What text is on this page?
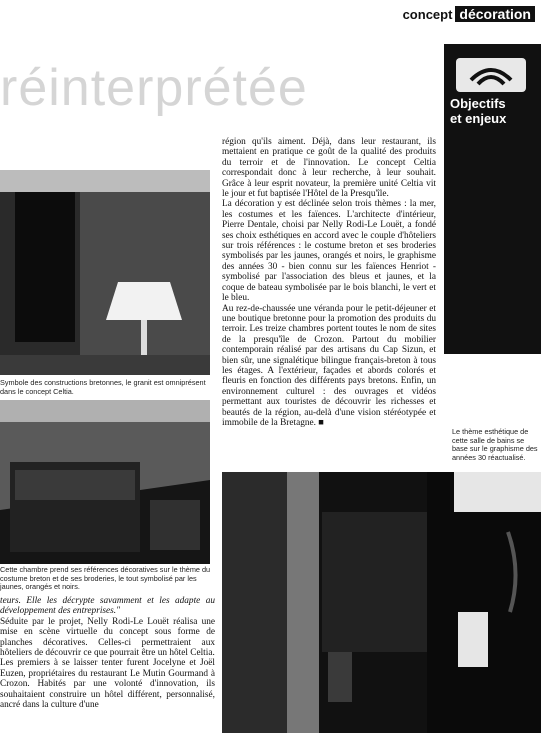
concept décoration
réinterprétée	Objectifs
et enjeux
Symbole des constructions bretonnes, le granit est omniprésent dans le concept Celtia.
Cette chambre prend ses références décoratives sur le thème du costume breton et de ses broderies, le tout symbolisé par les jaunes, orangés et noirs.

région qu'ils aiment. Déjà, dans leur restaurant, ils mettaient en pratique ce goût de la qualité des produits du terroir et de l'innovation. Le concept Celtia correspondait donc à leur recherche, à leur souhait. Grâce à leur esprit novateur, la première unité Celtia vit le jour et fut baptisée l'Hôtel de la Presqu'île.

La décoration y est déclinée selon trois thèmes : la mer, les costumes et les faïences. L'architecte d'intérieur, Pierre Dentale, choisi par Nelly Rodi-Le Louët, a fondé ses choix esthétiques en accord avec le couple d'hôteliers sur trois références : le costume breton et ses broderies symbolisés par les jaunes, orangés et noirs, le graphisme des années 30 - bien connu sur les faïences Henriot - symbolisé par l'association des bleus et jaunes, et la coque de bateau symbolisée par le bois blanchi, le vert et le bleu.

Au rez-de-chaussée une véranda pour le petit-déjeuner et une boutique bretonne pour la promotion des produits du terroir. Les treize chambres portent toutes le nom de sites de la presqu'île de Crozon. Partout du mobilier contemporain réalisé par des artisans du Cap Sizun, et bien sûr, une signalétique bilingue français-breton à tous les étages. A l'extérieur, façades et abords colorés et fleuris en fonction des différents pays bretons. Enfin, un environnement culturel : des ouvrages et vidéos permettant aux touristes de découvrir les richesses et beautés de la région, au-delà d'une vision stéréotypée et immobile de la Bretagne. ■

Le thème esthétique de cette salle de bains se base sur le graphisme des années 30 réactualisé.

teurs. Elle les décrypte savamment et les adapte au développement des entreprises."

Séduite par le projet, Nelly Rodi-Le Louët réalisa une mise en scène virtuelle du concept sous forme de planches décoratives. Celles-ci permettraient aux hôteliers de découvrir ce que pourrait être un hôtel Celtia.

Les premiers à se laisser tenter furent Jocelyne et Joël Euzen, propriétaires du restaurant Le Mutin Gourmand à Crozon. Habités par une volonté d'innovation, ils souhaitaient construire un hôtel différent, personnalisé, ancré dans la culture d'une
